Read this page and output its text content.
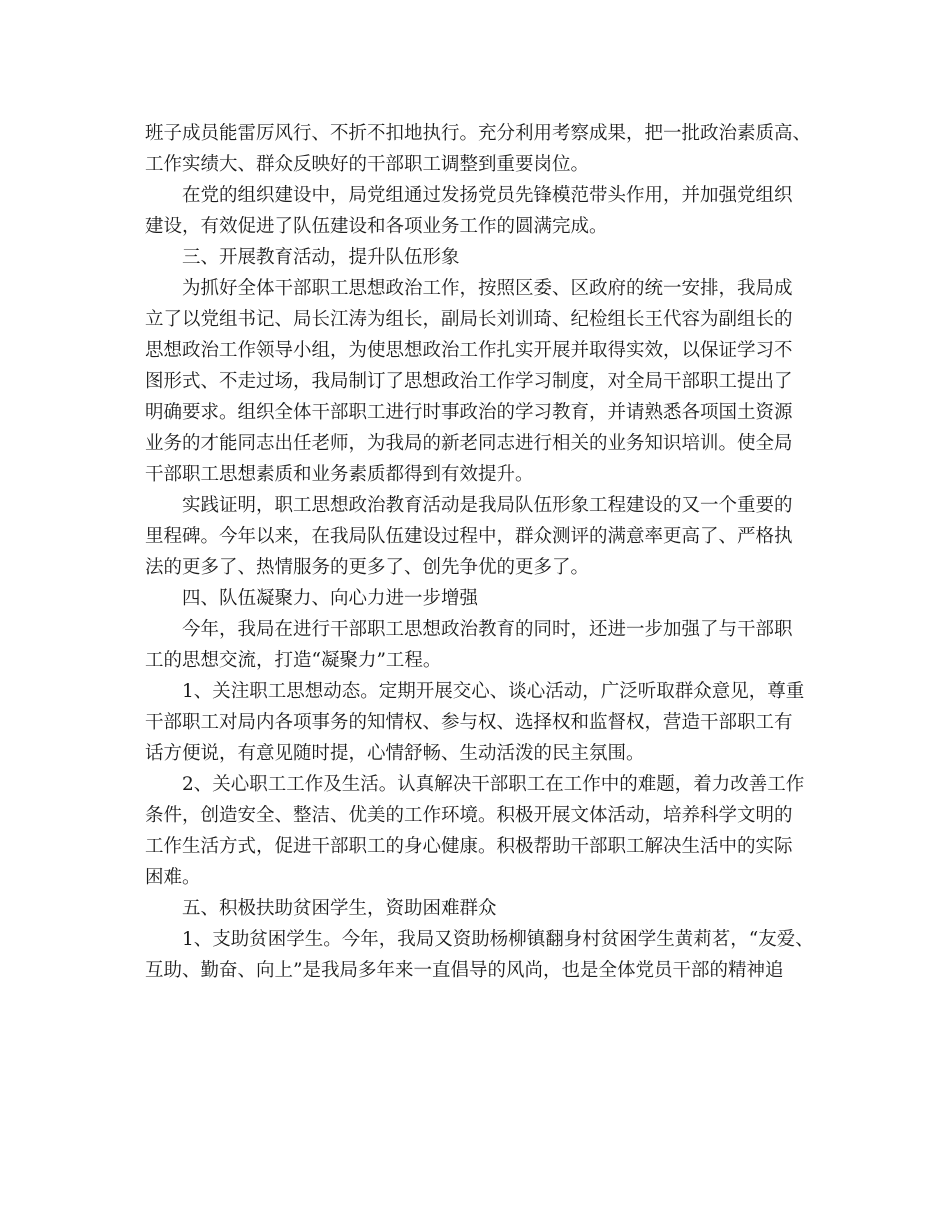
班子成员能雷厉风行、不折不扣地执行。充分利用考察成果，把一批政治素质高、
工作实绩大、群众反映好的干部职工调整到重要岗位。
在党的组织建设中，局党组通过发扬党员先锋模范带头作用，并加强党组织
建设，有效促进了队伍建设和各项业务工作的圆满完成。
三、开展教育活动，提升队伍形象
为抓好全体干部职工思想政治工作，按照区委、区政府的统一安排，我局成
立了以党组书记、局长江涛为组长，副局长刘训琦、纪检组长王代容为副组长的
思想政治工作领导小组，为使思想政治工作扎实开展并取得实效，以保证学习不
图形式、不走过场，我局制订了思想政治工作学习制度，对全局干部职工提出了
明确要求。组织全体干部职工进行时事政治的学习教育，并请熟悉各项国土资源
业务的才能同志出任老师，为我局的新老同志进行相关的业务知识培训。使全局
干部职工思想素质和业务素质都得到有效提升。
实践证明，职工思想政治教育活动是我局队伍形象工程建设的又一个重要的
里程碑。今年以来，在我局队伍建设过程中，群众测评的满意率更高了、严格执
法的更多了、热情服务的更多了、创先争优的更多了。
四、队伍凝聚力、向心力进一步增强
今年，我局在进行干部职工思想政治教育的同时，还进一步加强了与干部职
工的思想交流，打造“凝聚力”工程。
1、关注职工思想动态。定期开展交心、谈心活动，广泛听取群众意见，尊重
干部职工对局内各项事务的知情权、参与权、选择权和监督权，营造干部职工有
话方便说，有意见随时提，心情舒畅、生动活泼的民主氛围。
2、关心职工工作及生活。认真解决干部职工在工作中的难题，着力改善工作
条件，创造安全、整洁、优美的工作环境。积极开展文体活动，培养科学文明的
工作生活方式，促进干部职工的身心健康。积极帮助干部职工解决生活中的实际
困难。
五、积极扶助贫困学生，资助困难群众
1、支助贫困学生。今年，我局又资助杨柳镇翻身村贫困学生黄莉茗，“友爱、
互助、勤奋、向上”是我局多年来一直倡导的风尚，也是全体党员干部的精神追
